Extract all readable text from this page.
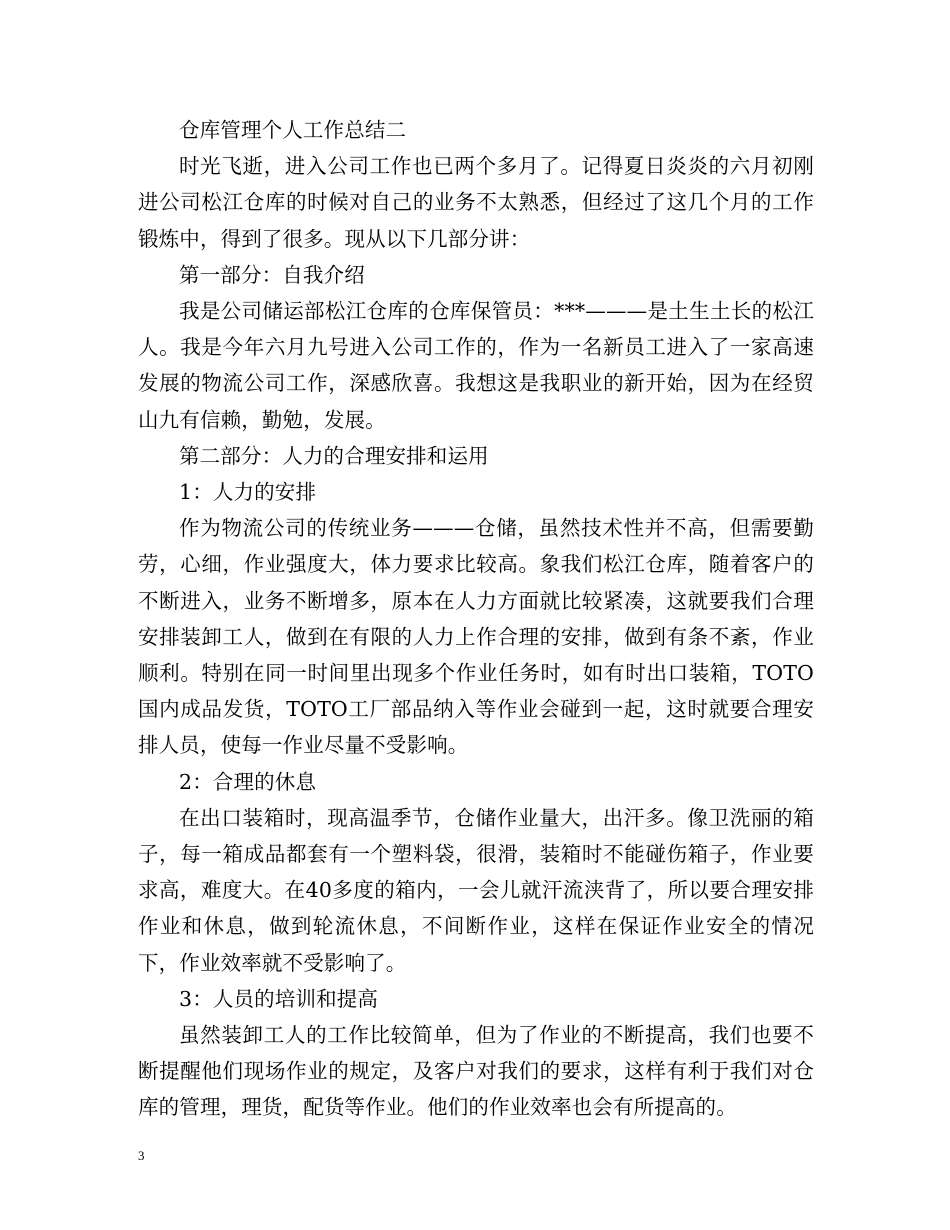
仓库管理个人工作总结二

时光飞逝，进入公司工作也已两个多月了。记得夏日炎炎的六月初刚进公司松江仓库的时候对自己的业务不太熟悉，但经过了这几个月的工作锻炼中，得到了很多。现从以下几部分讲：

第一部分：自我介绍

我是公司储运部松江仓库的仓库保管员：***———是土生土长的松江人。我是今年六月九号进入公司工作的，作为一名新员工进入了一家高速发展的物流公司工作，深感欣喜。我想这是我职业的新开始，因为在经贸山九有信赖，勤勉，发展。

第二部分：人力的合理安排和运用

1：人力的安排

作为物流公司的传统业务———仓储，虽然技术性并不高，但需要勤劳，心细，作业强度大，体力要求比较高。象我们松江仓库，随着客户的不断进入，业务不断增多，原本在人力方面就比较紧凑，这就要我们合理安排装卸工人，做到在有限的人力上作合理的安排，做到有条不紊，作业顺利。特别在同一时间里出现多个作业任务时，如有时出口装箱，TOTO国内成品发货，TOTO工厂部品纳入等作业会碰到一起，这时就要合理安排人员，使每一作业尽量不受影响。

2：合理的休息

在出口装箱时，现高温季节，仓储作业量大，出汗多。像卫洗丽的箱子，每一箱成品都套有一个塑料袋，很滑，装箱时不能碰伤箱子，作业要求高，难度大。在40多度的箱内，一会儿就汗流浃背了，所以要合理安排作业和休息，做到轮流休息，不间断作业，这样在保证作业安全的情况下，作业效率就不受影响了。

3：人员的培训和提高

虽然装卸工人的工作比较简单，但为了作业的不断提高，我们也要不断提醒他们现场作业的规定，及客户对我们的要求，这样有利于我们对仓库的管理，理货，配货等作业。他们的作业效率也会有所提高的。

3
